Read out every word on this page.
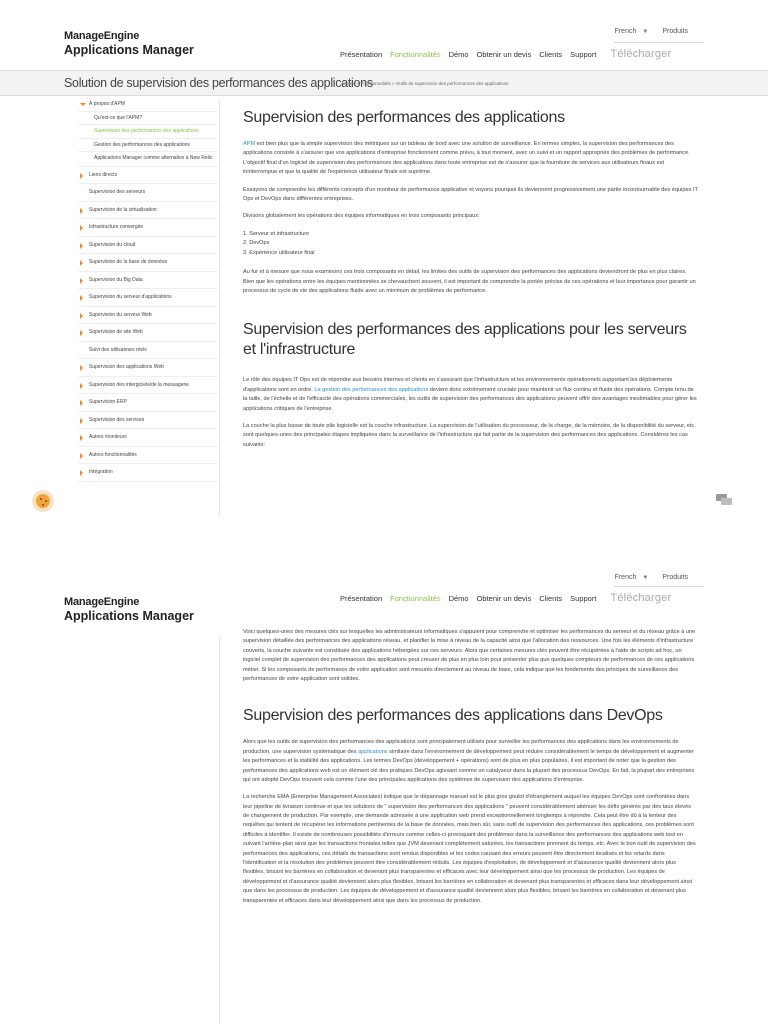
ManageEngine
Applications Manager
French ▼ Produits
Présentation Fonctionnalités Démo Obtenir un devis Clients Support Télécharger
Solution de supervision des performances des applications
Accueil » Fonctionnalités » Outils de supervision des performances des applications
À propos d'APM
Qu'est-ce que l'APM?
Supervision des performances des applications
Gestion des performances des applications
Applications Manager comme alternative à New Relic
Liens directs
Supervision des serveurs
Supervision de la virtualisation
Infrastructure convergée
Supervision du cloud
Supervision de la base de données
Supervision du Big Data
Supervision du serveur d'applications
Supervision du serveur Web
Supervision de site Web
Suivi des utilisateurs réels
Supervision des applications Web
Supervision des intergiciels/de la messagerie
Supervision ERP
Supervision des services
Autres moniteurs
Autres fonctionnalités
Intégration
Supervision des performances des applications

APM est bien plus que la simple supervision des métriques sur un tableau de bord avec une solution de surveillance. En termes simples, la supervision des performances des applications consiste à s'assurer que vos applications d'entreprise fonctionnent comme prévu, à tout moment, avec un suivi et un rapport appropriés des problèmes de performance. L'objectif final d'un logiciel de supervision des performances des applications dans toute entreprise est de s'assurer que la fourniture de services aux utilisateurs finaux est ininterrompue et que la qualité de l'expérience utilisateur finale est suprême.

Essayons de comprendre les différents concepts d'un moniteur de performance applicative et voyons pourquoi ils deviennent progressivement une partie incontournable des équipes IT Ops et DevOps dans différentes entreprises.

Divisons globalement les opérations des équipes informatiques en trois composants principaux:

1. Serveur et infrastructure
2. DevOps
3. Expérience utilisateur final

Au fur et à mesure que nous examinons ces trois composants en détail, les limites des outils de supervision des performances des applications deviendront de plus en plus claires. Bien que les opérations entre les équipes mentionnées se chevauchent souvent, il est important de comprendre la portée précise de ces opérations et leur importance pour garantir un processus de cycle de vie des applications fluide avec un minimum de problèmes de performance.

Supervision des performances des applications pour les serveurs et l'infrastructure

Le rôle des équipes IT Ops est de répondre aux besoins internes et clients en s'assurant que l'infrastructure et les environnements opérationnels supportant les déploiements d'applications sont en ordre. La gestion des performances des applications devient donc extrêmement cruciale pour maintenir un flux continu et fluide des opérations. Compte tenu de la taille, de l'échelle et de l'efficacité des opérations commerciales, les outils de supervision des performances des applications peuvent offrir des avantages inestimables pour gérer les applications critiques de l'entreprise.

La couche la plus basse de toute pile logicielle est la couche infrastructure. La supervision de l'utilisation du processeur, de la charge, de la mémoire, de la disponibilité du serveur, etc. sont quelques-unes des principales étapes impliquées dans la surveillance de l'infrastructure qui fait partie de la supervision des performances des applications. Considérez les cas suivants:

ManageEngine
Applications Manager
French ▼ Produits
Présentation Fonctionnalités Démo Obtenir un devis Clients Support Télécharger

Voici quelques-unes des mesures clés sur lesquelles les administrateurs informatiques s'appuient pour comprendre et optimiser les performances du serveur et du réseau grâce à une supervision détaillée des performances des applications réseau, et planifier la mise à niveau de la capacité ainsi que l'allocation des ressources. Une fois les éléments d'infrastructure couverts, la couche suivante est constituée des applications hébergées sur ces serveurs. Alors que certaines mesures clés peuvent être récupérées à l'aide de scripts ad hoc, un logiciel complet de supervision des performances des applications peut creuser de plus en plus loin pour présenter plus que quelques compteurs de performances de ces applications métier. Si les composants de performance de votre application sont mesurés directement au niveau de base, cela indique que les fondements des principes de surveillance des performances de votre application sont solides.

Supervision des performances des applications dans DevOps

Alors que les outils de supervision des performances des applications sont principalement utilisés pour surveiller les performances des applications dans les environnements de production, une supervision systématique des applications similaire dans l'environnement de développement peut réduire considérablement le temps de développement et augmenter les performances et la stabilité des applications. Les termes DevOps (développement + opérations) sont de plus en plus populaires, il est important de noter que la gestion des performances des applications web est un élément clé des pratiques DevOps agissant comme un catalyseur dans la plupart des processus DevOps. En fait, la plupart des entreprises qui ont adopté DevOps trouvent cela comme l'une des principales applications des systèmes de supervision des applications d'entreprise.

La recherche EMA (Enterprise Management Associates) indique que le dépannage manuel est le plus gros goulot d'étranglement auquel les équipes DevOps sont confrontées dans leur pipeline de livraison continue et que les solutions de " supervision des performances des applications " peuvent considérablement atténuer les défis générés par des taux élevés de changement de production. Par exemple, une demande adressée à une application web prend exceptionnellement longtemps à répondre. Cela peut être dû à la lenteur des requêtes qui tentent de récupérer les informations pertinentes de la base de données, mais bien sûr, sans outil de supervision des performances des applications, ces problèmes sont difficiles à identifier. Il existe de nombreuses possibilités d'erreurs comme celles-ci provoquant des problèmes dans la surveillance des performances des applications web tout en suivant l'arrière-plan ainsi que les transactions frontales telles que JVM devenant complètement saturées, les transactions prennent du temps, etc. Avec le bon outil de supervision des performances des applications, ces détails de transactions sont rendus disponibles et les codes causant des erreurs peuvent être directement localisés et les retards dans l'identification et la résolution des problèmes peuvent être considérablement réduits. Les équipes d'exploitation, de développement et d'assurance qualité deviennent alors plus flexibles, brisant les barrières en collaboration et devenant plus transparentes et efficaces avec leur développement ainsi que les processus de production. Les équipes de développement et d'assurance qualité deviennent alors plus flexibles, brisant les barrières en collaboration et devenant plus transparentes et efficaces dans leur développement ainsi que dans les processus de production. Les équipes de développement et d'assurance qualité deviennent alors plus flexibles, brisant les barrières en collaboration et devenant plus transparentes et efficaces dans leur développement ainsi que dans les processus de production.
